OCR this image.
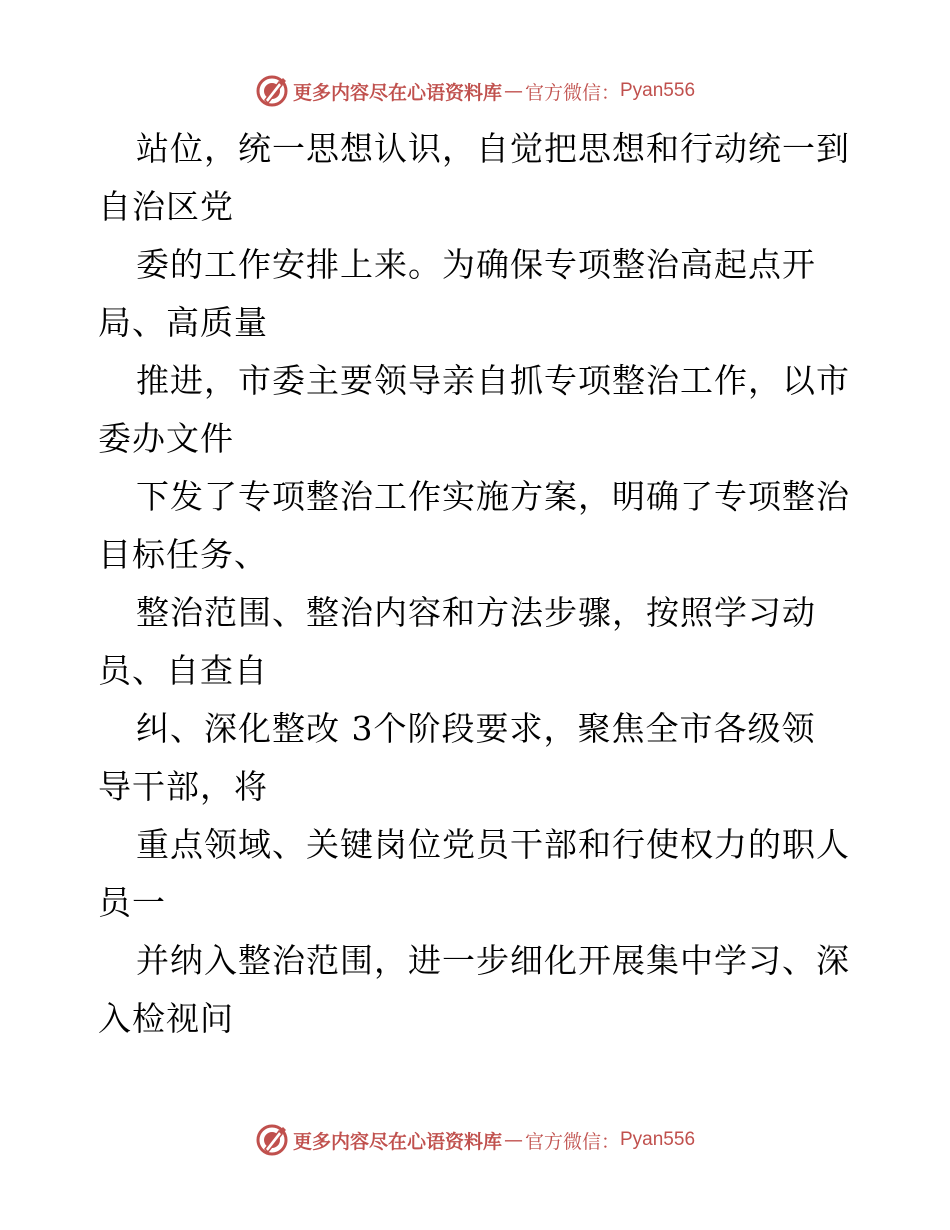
更多内容尽在心语资料库 — 官方微信： Pyan556
站位，统一思想认识，自觉把思想和行动统一到
自治区党
委的工作安排上来。为确保专项整治高起点开
局、高质量
推进，市委主要领导亲自抓专项整治工作，以市
委办文件
下发了专项整治工作实施方案，明确了专项整治
目标任务、
整治范围、整治内容和方法步骤，按照学习动
员、自查自
纠、深化整改 3个阶段要求，聚焦全市各级领
导干部，将
重点领域、关键岗位党员干部和行使权力的职人
员一
并纳入整治范围，进一步细化开展集中学习、深
入检视问
更多内容尽在心语资料库 — 官方微信： Pyan556
